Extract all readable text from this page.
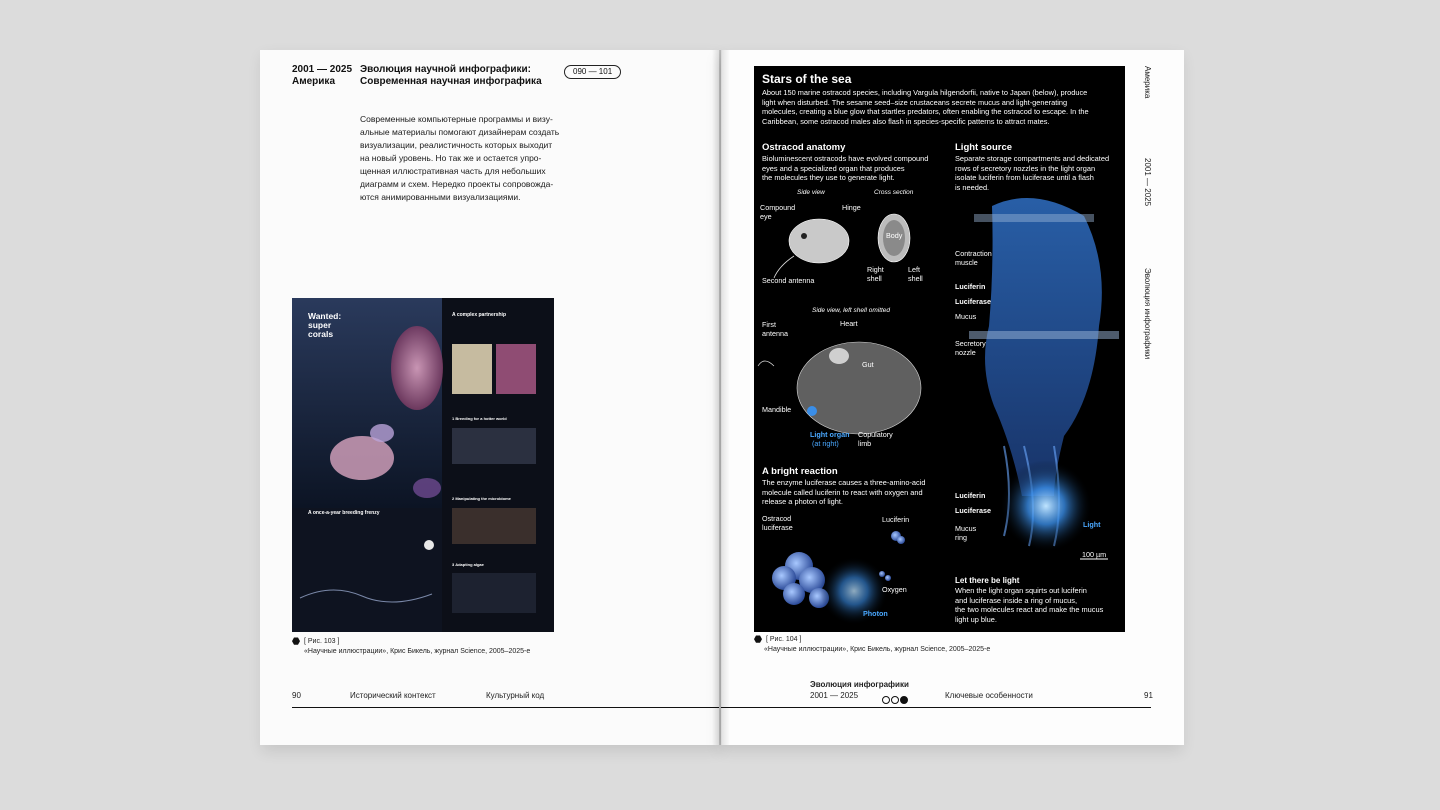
2001 — 2025
Америка
Эволюция научной инфографики:
Современная научная инфографика
090 — 101
Современные компьютерные программы и визу-
альные материалы помогают дизайнерам создать
визуализации, реалистичность которых выходит
на новый уровень. Но так же и остается упро-
щенная иллюстративная часть для небольших
диаграмм и схем. Нередко проекты сопровожда-
ются анимированными визуализациями.
Wanted: super corals
A complex partnership
A once-a-year breeding frenzy
1 Breeding for a hotter world
2 Manipulating the microbiome
3 Adapting algae
[ Рис. 103 ]
«Научные иллюстрации», Крис Бикель, журнал Science, 2005–2025-е
90	Исторический контекст	Культурный код
Stars of the sea
About 150 marine ostracod species, including Vargula hilgendorfii, native to Japan (below), produce
light when disturbed. The sesame seed–size crustaceans secrete mucus and light-generating
molecules, creating a blue glow that startles predators, often enabling the ostracod to escape. In the
Caribbean, some ostracod males also flash in species-specific patterns to attract mates.
Ostracod anatomy
Bioluminescent ostracods have evolved compound
eyes and a specialized organ that produces
the molecules they use to generate light.
Side view	Cross section
Compound eye
Hinge
Body
Right shell
Left shell
Second antenna
Side view, left shell omitted
First antenna
Heart
Gut
Mandible
Light organ
(at right)
Copulatory limb
Light source
Separate storage compartments and dedicated
rows of secretory nozzles in the light organ
isolate luciferin from luciferase until a flash
is needed.
Contraction muscle
Luciferin
Luciferase
Mucus
Secretory nozzle
Luciferin
Luciferase
Mucus ring
Light
100 µm
A bright reaction
The enzyme luciferase causes a three-amino-acid
molecule called luciferin to react with oxygen and
release a photon of light.
Ostracod luciferase
Luciferin
Oxygen
Photon
Let there be light
When the light organ squirts out luciferin
and luciferase inside a ring of mucus,
the two molecules react and make the mucus
light up blue.
Америка
2001 — 2025
Эволюция инфографики
[ Рис. 104 ]
«Научные иллюстрации», Крис Бикель, журнал Science, 2005–2025-е
Эволюция инфографики
2001 — 2025	Ключевые особенности	91
